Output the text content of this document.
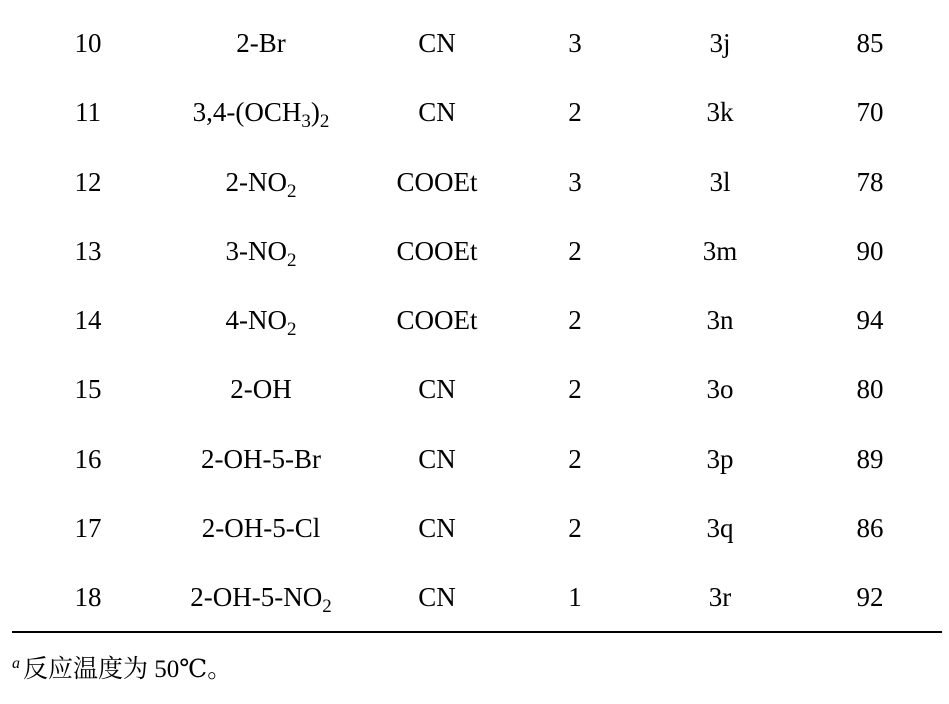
10	2-Br	CN	3	3j	85
11	$3,4-(OCH_3)_2$	CN	2	3k	70
12	$2-NO_2$	COOEt	3	3l	78
13	$3-NO_2$	COOEt	2	3m	90
14	$4-NO_2$	COOEt	2	3n	94
15	2-OH	CN	2	3o	80
16	2-OH-5-Br	CN	2	3p	89
17	2-OH-5-Cl	CN	2	3q	86
18	$2-OH-5-NO_2$	CN	1	3r	92
$^a$ 反应温度为 50℃。
